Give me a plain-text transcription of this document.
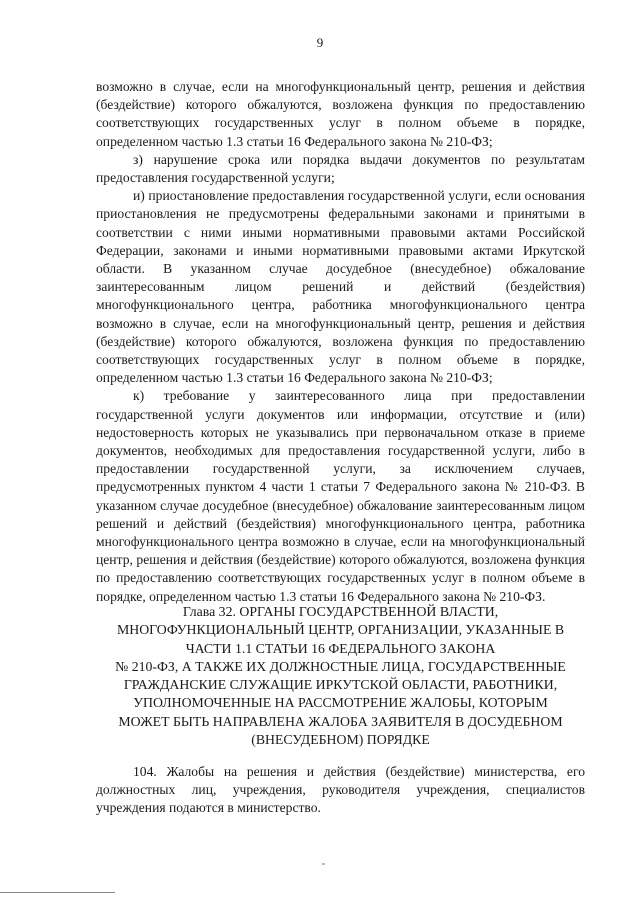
9

возможно в случае, если на многофункциональный центр, решения и действия (бездействие) которого обжалуются, возложена функция по предоставлению соответствующих государственных услуг в полном объеме в порядке, определенном частью 1.3 статьи 16 Федерального закона № 210-ФЗ;

з) нарушение срока или порядка выдачи документов по результатам предоставления государственной услуги;

и) приостановление предоставления государственной услуги, если основания приостановления не предусмотрены федеральными законами и принятыми в соответствии с ними иными нормативными правовыми актами Российской Федерации, законами и иными нормативными правовыми актами Иркутской области. В указанном случае досудебное (внесудебное) обжалование заинтересованным лицом решений и действий (бездействия) многофункционального центра, работника многофункционального центра возможно в случае, если на многофункциональный центр, решения и действия (бездействие) которого обжалуются, возложена функция по предоставлению соответствующих государственных услуг в полном объеме в порядке, определенном частью 1.3 статьи 16 Федерального закона № 210-ФЗ;

к) требование у заинтересованного лица при предоставлении государственной услуги документов или информации, отсутствие и (или) недостоверность которых не указывались при первоначальном отказе в приеме документов, необходимых для предоставления государственной услуги, либо в предоставлении государственной услуги, за исключением случаев, предусмотренных пунктом 4 части 1 статьи 7 Федерального закона № 210-ФЗ. В указанном случае досудебное (внесудебное) обжалование заинтересованным лицом решений и действий (бездействия) многофункционального центра, работника многофункционального центра возможно в случае, если на многофункциональный центр, решения и действия (бездействие) которого обжалуются, возложена функция по предоставлению соответствующих государственных услуг в полном объеме в порядке, определенном частью 1.3 статьи 16 Федерального закона № 210-ФЗ.

Глава 32. ОРГАНЫ ГОСУДАРСТВЕННОЙ ВЛАСТИ,
МНОГОФУНКЦИОНАЛЬНЫЙ ЦЕНТР, ОРГАНИЗАЦИИ, УКАЗАННЫЕ В
ЧАСТИ 1.1 СТАТЬИ 16 ФЕДЕРАЛЬНОГО ЗАКОНА
№ 210-ФЗ, А ТАКЖЕ ИХ ДОЛЖНОСТНЫЕ ЛИЦА, ГОСУДАРСТВЕННЫЕ
ГРАЖДАНСКИЕ СЛУЖАЩИЕ ИРКУТСКОЙ ОБЛАСТИ, РАБОТНИКИ,
УПОЛНОМОЧЕННЫЕ НА РАССМОТРЕНИЕ ЖАЛОБЫ, КОТОРЫМ
МОЖЕТ БЫТЬ НАПРАВЛЕНА ЖАЛОБА ЗАЯВИТЕЛЯ В ДОСУДЕБНОМ
(ВНЕСУДЕБНОМ) ПОРЯДКЕ

104. Жалобы на решения и действия (бездействие) министерства, его должностных лиц, учреждения, руководителя учреждения, специалистов учреждения подаются в министерство.
